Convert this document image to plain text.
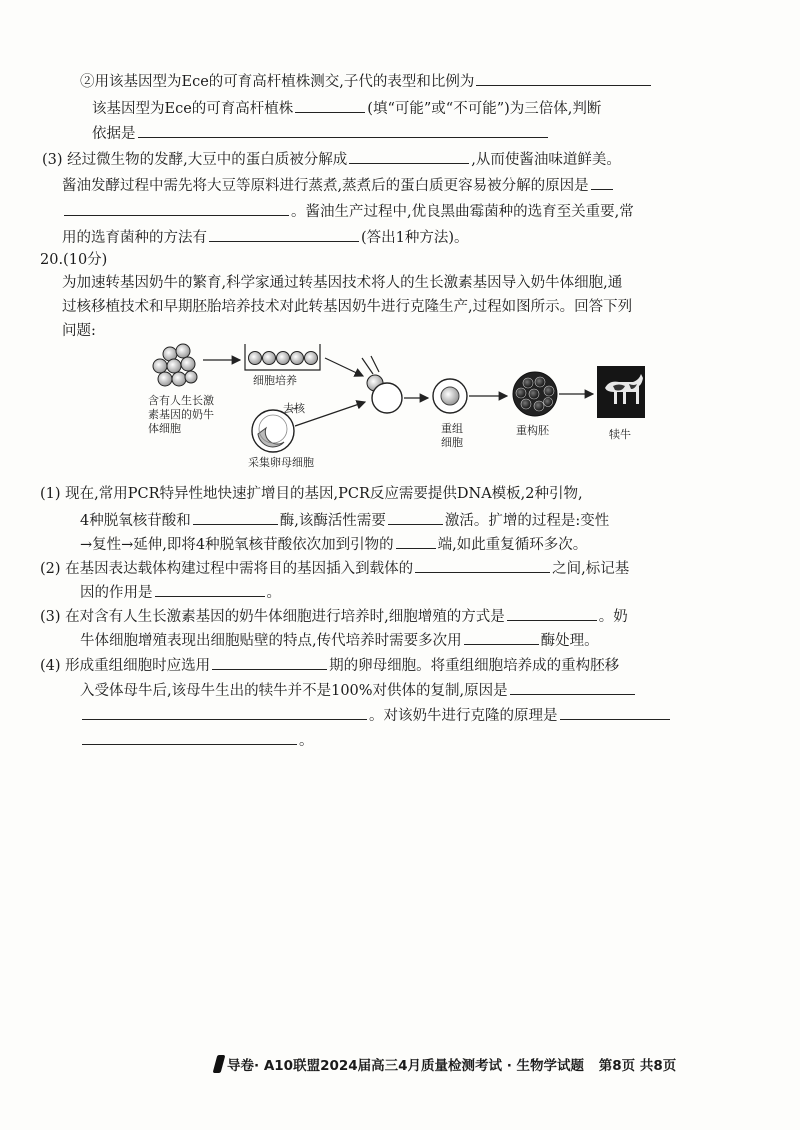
②用该基因型为Ece的可育高杆植株测交,子代的表型和比例为
该基因型为Ece的可育高杆植株	(填“可能”或“不可能”)为三倍体,判断
依据是
(3) 经过微生物的发酵,大豆中的蛋白质被分解成	,从而使酱油味道鲜美。
酱油发酵过程中需先将大豆等原料进行蒸煮,蒸煮后的蛋白质更容易被分解的原因是
。酱油生产过程中,优良黑曲霉菌种的选育至关重要,常
用的选育菌种的方法有	(答出1种方法)。
20.(10分)
为加速转基因奶牛的繁育,科学家通过转基因技术将人的生长激素基因导入奶牛体细胞,通
过核移植技术和早期胚胎培养技术对此转基因奶牛进行克隆生产,过程如图所示。回答下列
问题:
细胞培养
含有人生长激
素基因的奶牛
体细胞
去核
采集卵母细胞
重组
细胞
重构胚	犊牛
(1) 现在,常用PCR特异性地快速扩增目的基因,PCR反应需要提供DNA模板,2种引物,
4种脱氧核苷酸和	酶,该酶活性需要	激活。扩增的过程是:变性
→复性→延伸,即将4种脱氧核苷酸依次加到引物的	端,如此重复循环多次。
(2) 在基因表达载体构建过程中需将目的基因插入到载体的	之间,标记基
因的作用是	。
(3) 在对含有人生长激素基因的奶牛体细胞进行培养时,细胞增殖的方式是	。奶
牛体细胞增殖表现出细胞贴壁的特点,传代培养时需要多次用	酶处理。
(4) 形成重组细胞时应选用	期的卵母细胞。将重组细胞培养成的重构胚移
入受体母牛后,该母牛生出的犊牛并不是100%对供体的复制,原因是
。对该奶牛进行克隆的原理是
。
导卷· A10联盟2024届高三4月质量检测考试 · 生物学试题 第8页 共8页
